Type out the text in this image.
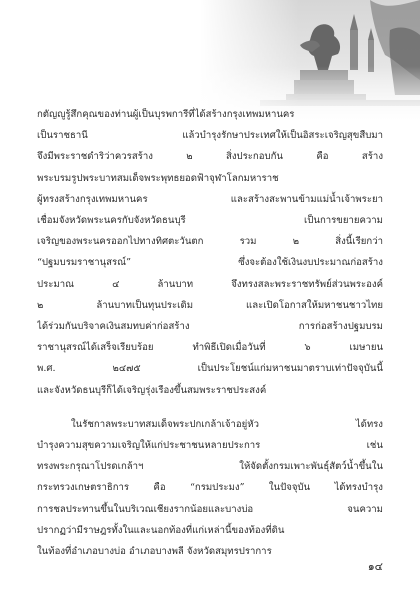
กตัญญูรู้สึกคุณของท่านผู้เป็นบุรพการีที่ได้สร้างกรุงเทพมหานคร
เป็นราชธานี แล้วบำรุงรักษาประเทศให้เป็นอิสระเจริญสุขสืบมา
จึงมีพระราชดำริว่าควรสร้าง ๒ สิ่งประกอบกัน คือ สร้าง
พระบรมรูปพระบาทสมเด็จพระพุทธยอดฟ้าจุฬาโลกมหาราช
ผู้ทรงสร้างกรุงเทพมหานคร และสร้างสะพานข้ามแม่น้ำเจ้าพระยา
เชื่อมจังหวัดพระนครกับจังหวัดธนบุรี เป็นการขยายความ
เจริญของพระนครออกไปทางทิศตะวันตก รวม ๒ สิ่งนี้เรียกว่า
“ปฐมบรมราชานุสรณ์” ซึ่งจะต้องใช้เงินงบประมาณก่อสร้าง
ประมาณ ๔ ล้านบาท จึงทรงสละพระราชทรัพย์ส่วนพระองค์
๒ ล้านบาทเป็นทุนประเดิม และเปิดโอกาสให้มหาชนชาวไทย
ได้ร่วมกันบริจาคเงินสมทบค่าก่อสร้าง การก่อสร้างปฐมบรม
ราชานุสรณ์ได้เสร็จเรียบร้อย ทำพิธีเปิดเมื่อวันที่ ๖ เมษายน
พ.ศ. ๒๔๗๕ เป็นประโยชน์แก่มหาชนมาตราบเท่าปัจจุบันนี้
และจังหวัดธนบุรีก็ได้เจริญรุ่งเรืองขึ้นสมพระราชประสงค์
ในรัชกาลพระบาทสมเด็จพระปกเกล้าเจ้าอยู่หัว ได้ทรง
บำรุงความสุขความเจริญให้แก่ประชาชนหลายประการ เช่น
ทรงพระกรุณาโปรดเกล้าฯ ให้จัดตั้งกรมเพาะพันธุ์สัตว์น้ำขึ้นใน
กระทรวงเกษตราธิการ คือ “กรมประมง” ในปัจจุบัน ได้ทรงบำรุง
การชลประทานขึ้นในบริเวณเชียงรากน้อยและบางบ่อ จนความ
ปรากฏว่ามีราษฎรทั้งในและนอกท้องที่แก่เหล่านี้ของท้องที่ดิน
ในท้องที่อำเภอบางบ่อ อำเภอบางพลี จังหวัดสมุทรปราการ
๑๔
